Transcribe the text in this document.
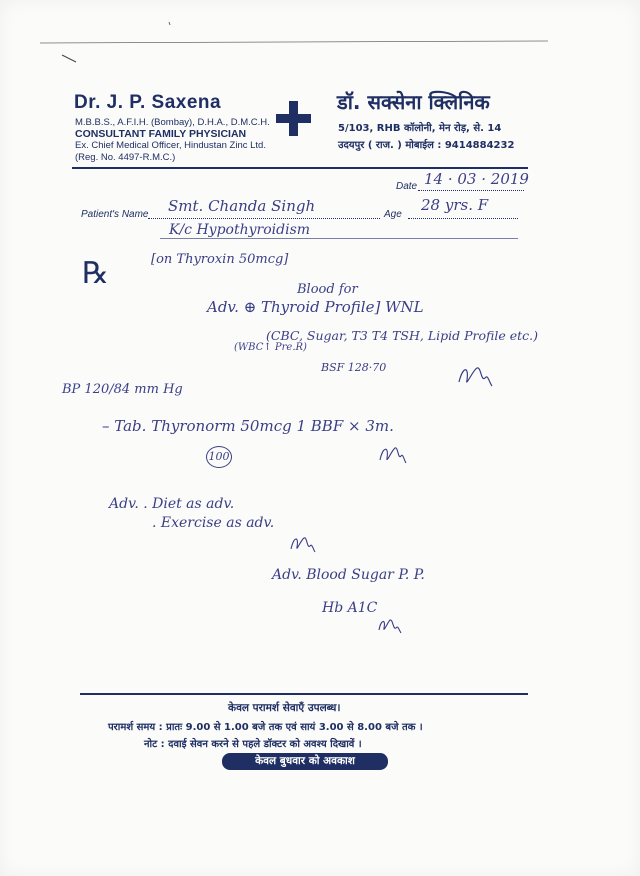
Dr. J. P. Saxena
M.B.B.S., A.F.I.H. (Bombay), D.H.A., D.M.C.H.
CONSULTANT FAMILY PHYSICIAN
Ex. Chief Medical Officer, Hindustan Zinc Ltd.
(Reg. No. 4497-R.M.C.)
डॉ. सक्सेना क्लिनिक
5/103, RHB कॉलोनी, मेन रोड़, से. 14
उदयपुर ( राज. ) मोबाईल : 9414884232
Date 14 · 03 · 2019
Patient's Name Smt. Chanda Singh	Age
28 yrs. F
K/c Hypothyroidism
[on Thyroxin 50mcg]
℞	Blood for
Adv. ⊕ Thyroid Profile] WNL
(CBC, Sugar, T3 T4 TSH, Lipid Profile etc.)
(WBC↑ Pre.R)
BSF 128·70
BP 120/84 mm Hg
– Tab. Thyronorm 50mcg 1 BBF × 3m.
100
Adv. . Diet as adv.
. Exercise as adv.
Adv. Blood Sugar P. P.
Hb A1C
केवल परामर्श सेवाएँ उपलब्ध।
परामर्श समय : प्रातः 9.00 से 1.00 बजे तक एवं सायं 3.00 से 8.00 बजे तक ।
नोट : दवाई सेवन करने से पहले डॉक्टर को अवश्य दिखावें ।
केवल बुधवार को अवकाश
